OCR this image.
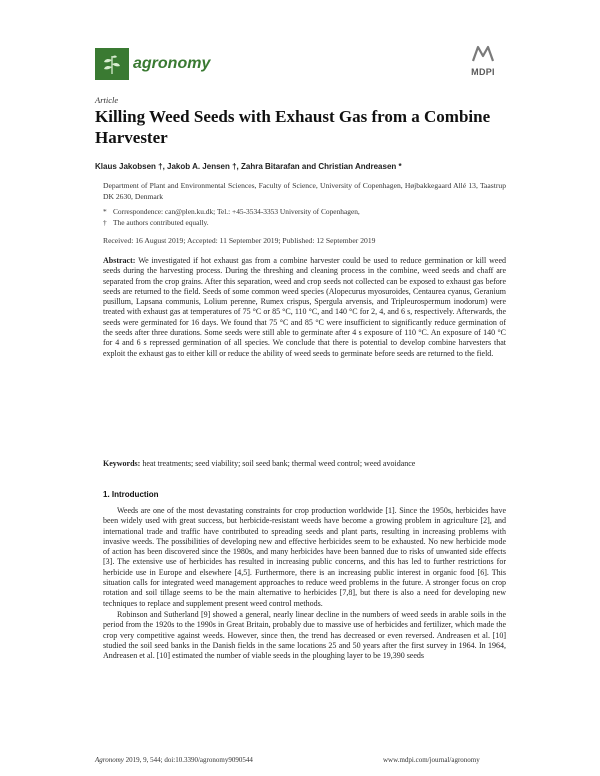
agronomy	MDPI
Article
Killing Weed Seeds with Exhaust Gas from a Combine Harvester
Klaus Jakobsen †, Jakob A. Jensen †, Zahra Bitarafan and Christian Andreasen *
Department of Plant and Environmental Sciences, Faculty of Science, University of Copenhagen, Højbakkegaard Allé 13, Taastrup DK 2630, Denmark
* Correspondence: can@plen.ku.dk; Tel.: +45-3534-3353 University of Copenhagen,
† The authors contributed equally.
Received: 16 August 2019; Accepted: 11 September 2019; Published: 12 September 2019
Abstract: We investigated if hot exhaust gas from a combine harvester could be used to reduce germination or kill weed seeds during the harvesting process. During the threshing and cleaning process in the combine, weed seeds and chaff are separated from the crop grains. After this separation, weed and crop seeds not collected can be exposed to exhaust gas before seeds are returned to the field. Seeds of some common weed species (Alopecurus myosuroides, Centaurea cyanus, Geranium pusillum, Lapsana communis, Lolium perenne, Rumex crispus, Spergula arvensis, and Tripleurospermum inodorum) were treated with exhaust gas at temperatures of 75 °C or 85 °C, 110 °C, and 140 °C for 2, 4, and 6 s, respectively. Afterwards, the seeds were germinated for 16 days. We found that 75 °C and 85 °C were insufficient to significantly reduce germination of the seeds after three durations. Some seeds were still able to germinate after 4 s exposure of 110 °C. An exposure of 140 °C for 4 and 6 s repressed germination of all species. We conclude that there is potential to develop combine harvesters that exploit the exhaust gas to either kill or reduce the ability of weed seeds to germinate before seeds are returned to the field.
Keywords: heat treatments; seed viability; soil seed bank; thermal weed control; weed avoidance
1. Introduction

Weeds are one of the most devastating constraints for crop production worldwide [1]. Since the 1950s, herbicides have been widely used with great success, but herbicide-resistant weeds have become a growing problem in agriculture [2], and international trade and traffic have contributed to spreading seeds and plant parts, resulting in increasing problems with invasive weeds. The possibilities of developing new and effective herbicides seem to be exhausted. No new herbicide mode of action has been discovered since the 1980s, and many herbicides have been banned due to risks of unwanted side effects [3]. The extensive use of herbicides has resulted in increasing public concerns, and this has led to further restrictions for herbicide use in Europe and elsewhere [4,5]. Furthermore, there is an increasing public interest in organic food [6]. This situation calls for integrated weed management approaches to reduce weed problems in the future. A stronger focus on crop rotation and soil tillage seems to be the main alternative to herbicides [7,8], but there is also a need for developing new techniques to replace and supplement present weed control methods.

Robinson and Sutherland [9] showed a general, nearly linear decline in the numbers of weed seeds in arable soils in the period from the 1920s to the 1990s in Great Britain, probably due to massive use of herbicides and fertilizer, which made the crop very competitive against weeds. However, since then, the trend has decreased or even reversed. Andreasen et al. [10] studied the soil seed banks in the Danish fields in the same locations 25 and 50 years after the first survey in 1964. In 1964, Andreasen et al. [10] estimated the number of viable seeds in the ploughing layer to be 19,390 seeds

Agronomy 2019, 9, 544; doi:10.3390/agronomy9090544	www.mdpi.com/journal/agronomy
